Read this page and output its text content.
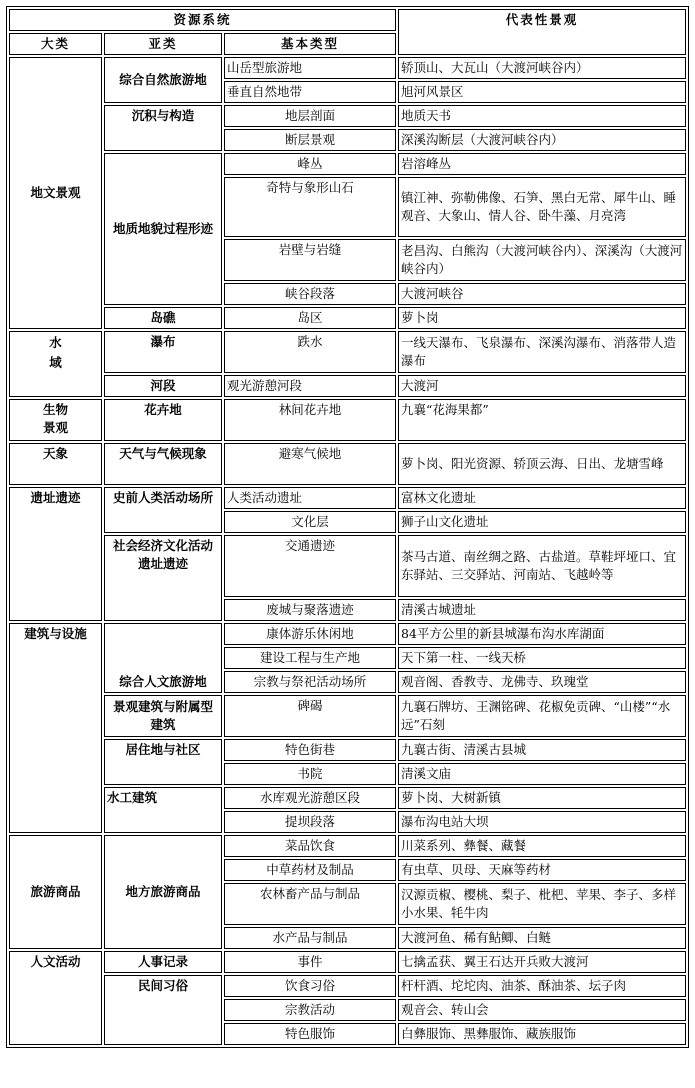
资源系统			代表性景观
大类	亚类	基本类型	
地文景观	综合自然旅游地	山岳型旅游地	轿顶山、大瓦山（大渡河峡谷内）
		垂直自然地带	旭河风景区
	沉积与构造	地层剖面	地质天书
		断层景观	深溪沟断层（大渡河峡谷内）
	地质地貌过程形迹	峰丛	岩溶峰丛
		奇特与象形山石	镇江神、弥勒佛像、石笋、黑白无常、犀牛山、睡观音、大象山、情人谷、卧牛藻、月亮湾
		岩壁与岩缝	老昌沟、白熊沟（大渡河峡谷内）、深溪沟（大渡河峡谷内）
		峡谷段落	大渡河峡谷
	岛礁	岛区	萝卜岗
水
域	瀑布	跌水	一线天瀑布、飞泉瀑布、深溪沟瀑布、消落带人造瀑布
	河段	观光游憩河段	大渡河
生物
景观	花卉地	林间花卉地	九襄“花海果都”
天象	天气与气候现象	避寒气候地	萝卜岗、阳光资源、轿顶云海、日出、龙塘雪峰
遗址遗迹	史前人类活动场所	人类活动遗址	富林文化遗址
		文化层	狮子山文化遗址
	社会经济文化活动遗址遗迹	交通遗迹	茶马古道、南丝绸之路、古盐道。草鞋坪垭口、宜东驿站、三交驿站、河南站、飞越岭等
		废城与聚落遗迹	清溪古城遗址
建筑与设施	综合人文旅游地	康体游乐休闲地	84平方公里的新县城瀑布沟水库湖面
		建设工程与生产地	天下第一柱、一线天桥
		宗教与祭祀活动场所	观音阁、香教寺、龙佛寺、玖瑰堂
	景观建筑与附属型建筑	碑碣	九襄石牌坊、王渊铭碑、花椒免贡碑、“山楼”“水远”石刻
	居住地与社区	特色街巷	九襄古街、清溪古县城
		书院	清溪文庙
	水工建筑	水库观光游憩区段	萝卜岗、大树新镇
		提坝段落	瀑布沟电站大坝
旅游商品	地方旅游商品	菜品饮食	川菜系列、彝餐、藏餐
		中草药材及制品	有虫草、贝母、天麻等药材
		农林畜产品与制品	汉源贡椒、樱桃、梨子、枇杷、苹果、李子、多样小水果、牦牛肉
		水产品与制品	大渡河鱼、稀有鲇鲫、白鲢
人文活动	人事记录	事件	七擒孟获、翼王石达开兵败大渡河
	民间习俗	饮食习俗	杆杆酒、坨坨肉、油茶、酥油茶、坛子肉
		宗教活动	观音会、转山会
		特色服饰	白彝服饰、黑彝服饰、藏族服饰
